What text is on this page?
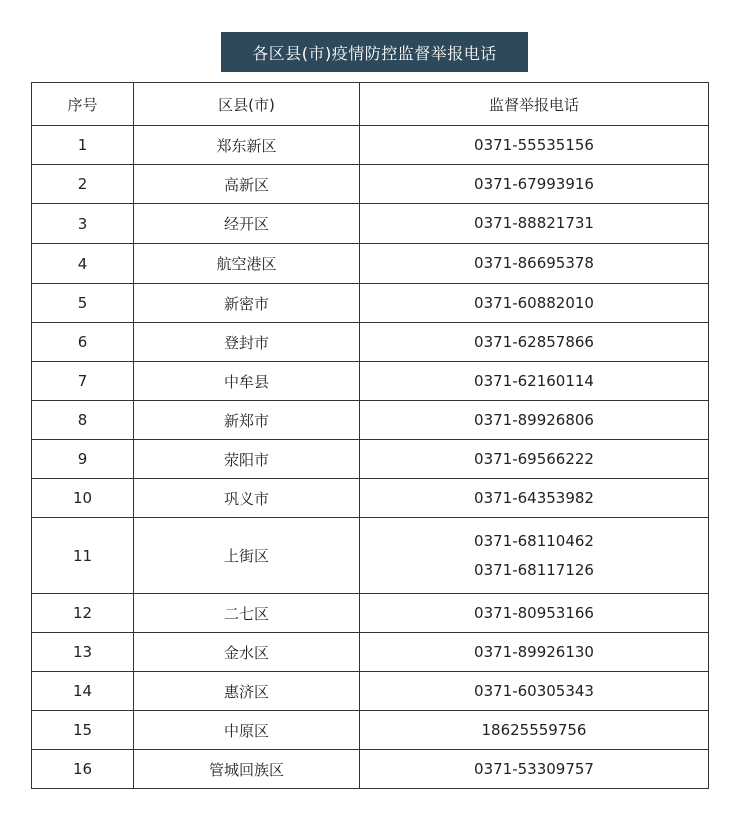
各区县(市)疫情防控监督举报电话
序号	区县(市)	监督举报电话
1	郑东新区	0371-55535156

2	高新区	0371-67993916

3	经开区	0371-88821731

4	航空港区	0371-86695378

5	新密市	0371-60882010

6	登封市	0371-62857866

7	中牟县	0371-62160114

8	新郑市	0371-89926806

9	荥阳市	0371-69566222

10	巩义市	0371-64353982

11	上街区	0371-68110462
0371-68117126

12	二七区	0371-80953166

13	金水区	0371-89926130

14	惠济区	0371-60305343

15	中原区	18625559756

16	管城回族区	0371-53309757
